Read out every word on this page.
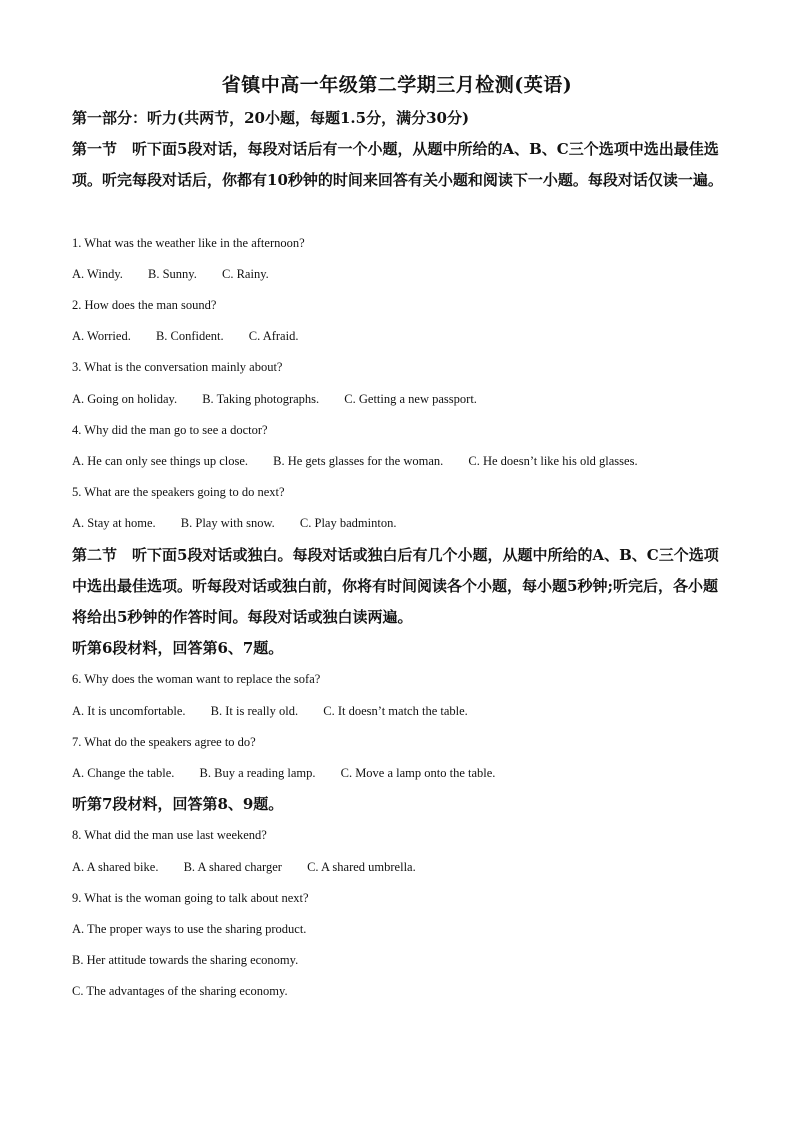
省镇中高一年级第二学期三月检测(英语)
第一部分：听力(共两节，20小题，每题1.5分，满分30分)
第一节　听下面5段对话，每段对话后有一个小题，从题中所给的A、B、C三个选项中选出最佳选项。听完每段对话后，你都有10秒钟的时间来回答有关小题和阅读下一小题。每段对话仅读一遍。
1. What was the weather like in the afternoon?
A. Windy. B. Sunny. C. Rainy.
2. How does the man sound?
A. Worried. B. Confident. C. Afraid.
3. What is the conversation mainly about?
A. Going on holiday. B. Taking photographs. C. Getting a new passport.
4. Why did the man go to see a doctor?
A. He can only see things up close. B. He gets glasses for the woman. C. He doesn’t like his old glasses.
5. What are the speakers going to do next?
A. Stay at home. B. Play with snow. C. Play badminton.
第二节　听下面5段对话或独白。每段对话或独白后有几个小题，从题中所给的A、B、C三个选项中选出最佳选项。听每段对话或独白前，你将有时间阅读各个小题，每小题5秒钟;听完后，各小题将给出5秒钟的作答时间。每段对话或独白读两遍。
听第6段材料，回答第6、7题。
6. Why does the woman want to replace the sofa?
A. It is uncomfortable. B. It is really old. C. It doesn’t match the table.
7. What do the speakers agree to do?
A. Change the table. B. Buy a reading lamp. C. Move a lamp onto the table.
听第7段材料，回答第8、9题。
8. What did the man use last weekend?
A. A shared bike. B. A shared charger C. A shared umbrella.
9. What is the woman going to talk about next?
A. The proper ways to use the sharing product.
B. Her attitude towards the sharing economy.
C. The advantages of the sharing economy.
